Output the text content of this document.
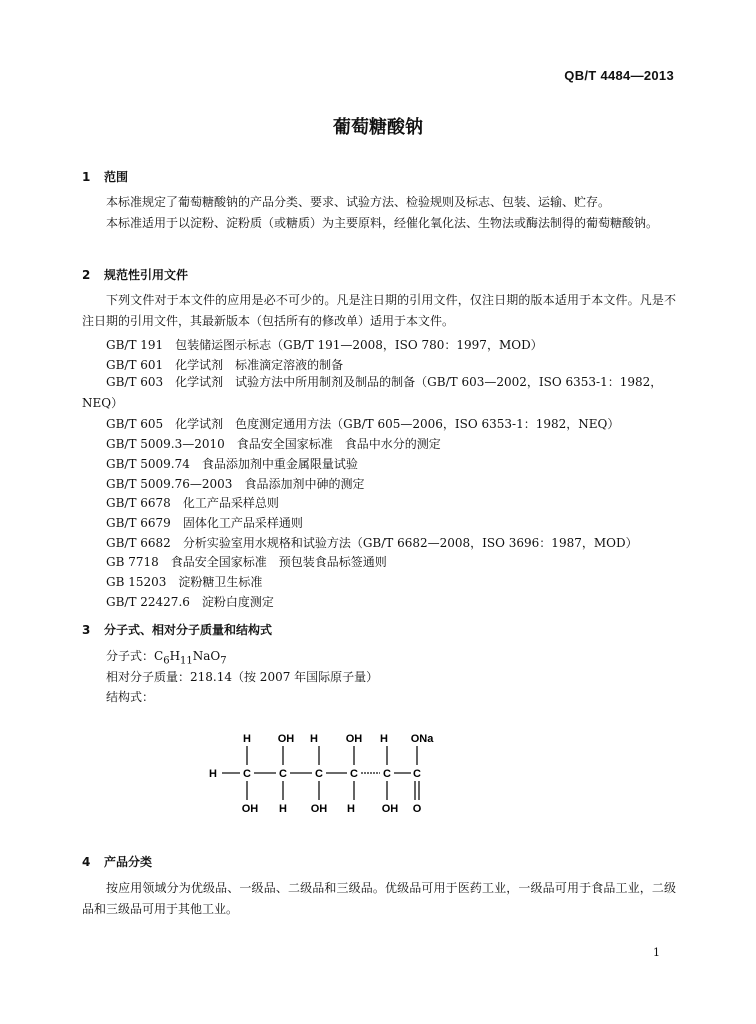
QB/T 4484—2013
葡萄糖酸钠
1 范围
本标准规定了葡萄糖酸钠的产品分类、要求、试验方法、检验规则及标志、包装、运输、贮存。
本标准适用于以淀粉、淀粉质（或糖质）为主要原料，经催化氧化法、生物法或酶法制得的葡萄糖酸钠。
2 规范性引用文件
下列文件对于本文件的应用是必不可少的。凡是注日期的引用文件，仅注日期的版本适用于本文件。凡是不注日期的引用文件，其最新版本（包括所有的修改单）适用于本文件。
GB/T 191 包装储运图示标志（GB/T 191—2008，ISO 780：1997，MOD）
GB/T 601 化学试剂　标准滴定溶液的制备
GB/T 603 化学试剂　试验方法中所用制剂及制品的制备（GB/T 603—2002，ISO 6353-1：1982，NEQ）
GB/T 605 化学试剂　色度测定通用方法（GB/T 605—2006，ISO 6353-1：1982，NEQ）
GB/T 5009.3—2010 食品安全国家标准　食品中水分的测定
GB/T 5009.74 食品添加剂中重金属限量试验
GB/T 5009.76—2003 食品添加剂中砷的测定
GB/T 6678 化工产品采样总则
GB/T 6679 固体化工产品采样通则
GB/T 6682 分析实验室用水规格和试验方法（GB/T 6682—2008，ISO 3696：1987，MOD）
GB 7718 食品安全国家标准　预包装食品标签通则
GB 15203 淀粉糖卫生标准
GB/T 22427.6 淀粉白度测定
3 分子式、相对分子质量和结构式
分子式：$C_6H_{11}NaO_7$
相对分子质量：218.14（按 2007 年国际原子量）
结构式：
H OH H	OH H ONa
H C	C	C C C C
OH H OH H OH O
4 产品分类
按应用领域分为优级品、一级品、二级品和三级品。优级品可用于医药工业，一级品可用于食品工业，二级品和三级品可用于其他工业。
1
